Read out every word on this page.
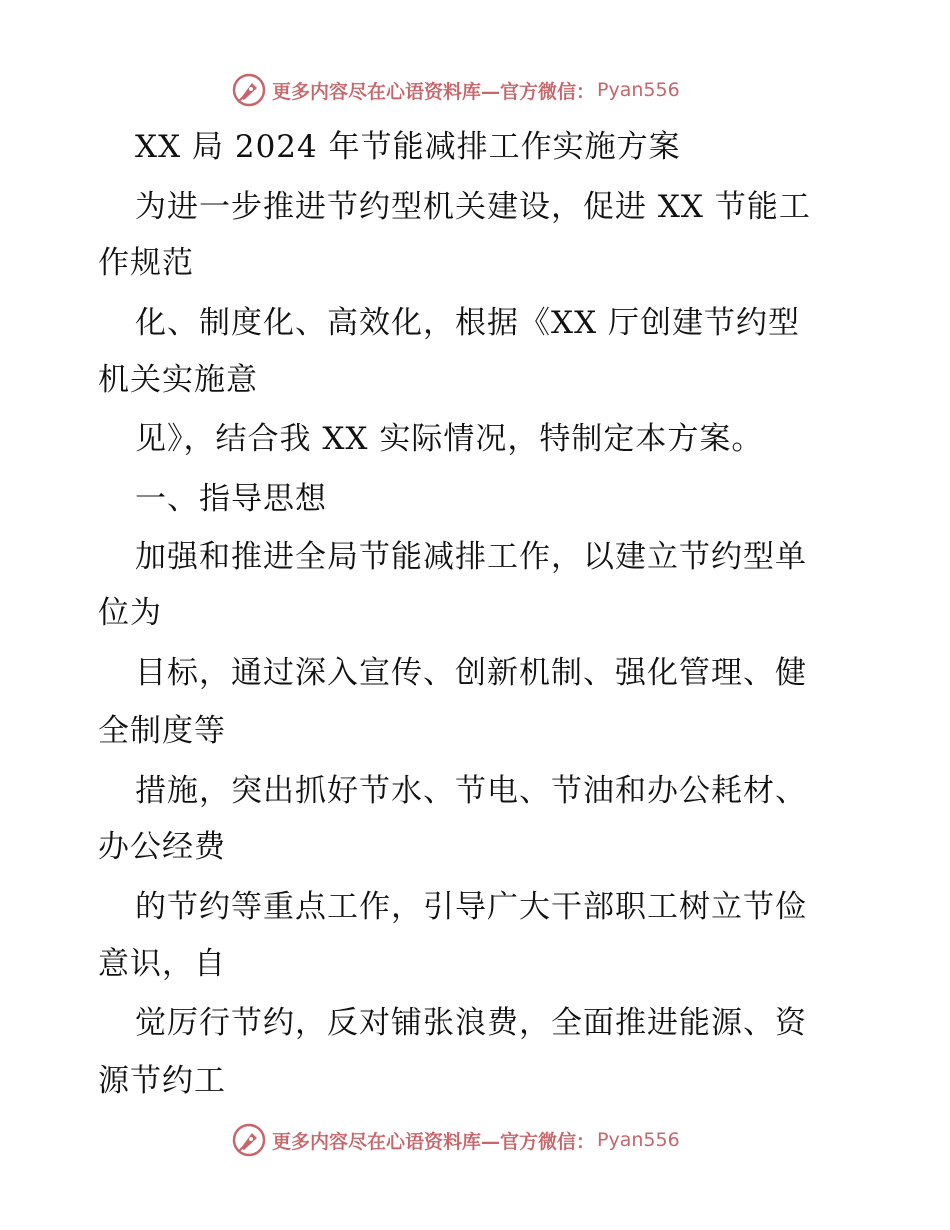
更多内容尽在心语资料库—官方微信： Pyan556
XX 局 2024 年节能减排工作实施方案
为进一步推进节约型机关建设，促进 XX 节能工
作规范
化、制度化、高效化，根据《XX 厅创建节约型
机关实施意
见》，结合我 XX 实际情况，特制定本方案。
一、指导思想
加强和推进全局节能减排工作，以建立节约型单
位为
目标，通过深入宣传、创新机制、强化管理、健
全制度等
措施，突出抓好节水、节电、节油和办公耗材、
办公经费
的节约等重点工作，引导广大干部职工树立节俭
意识，自
觉厉行节约，反对铺张浪费，全面推进能源、资
源节约工
更多内容尽在心语资料库—官方微信： Pyan556
